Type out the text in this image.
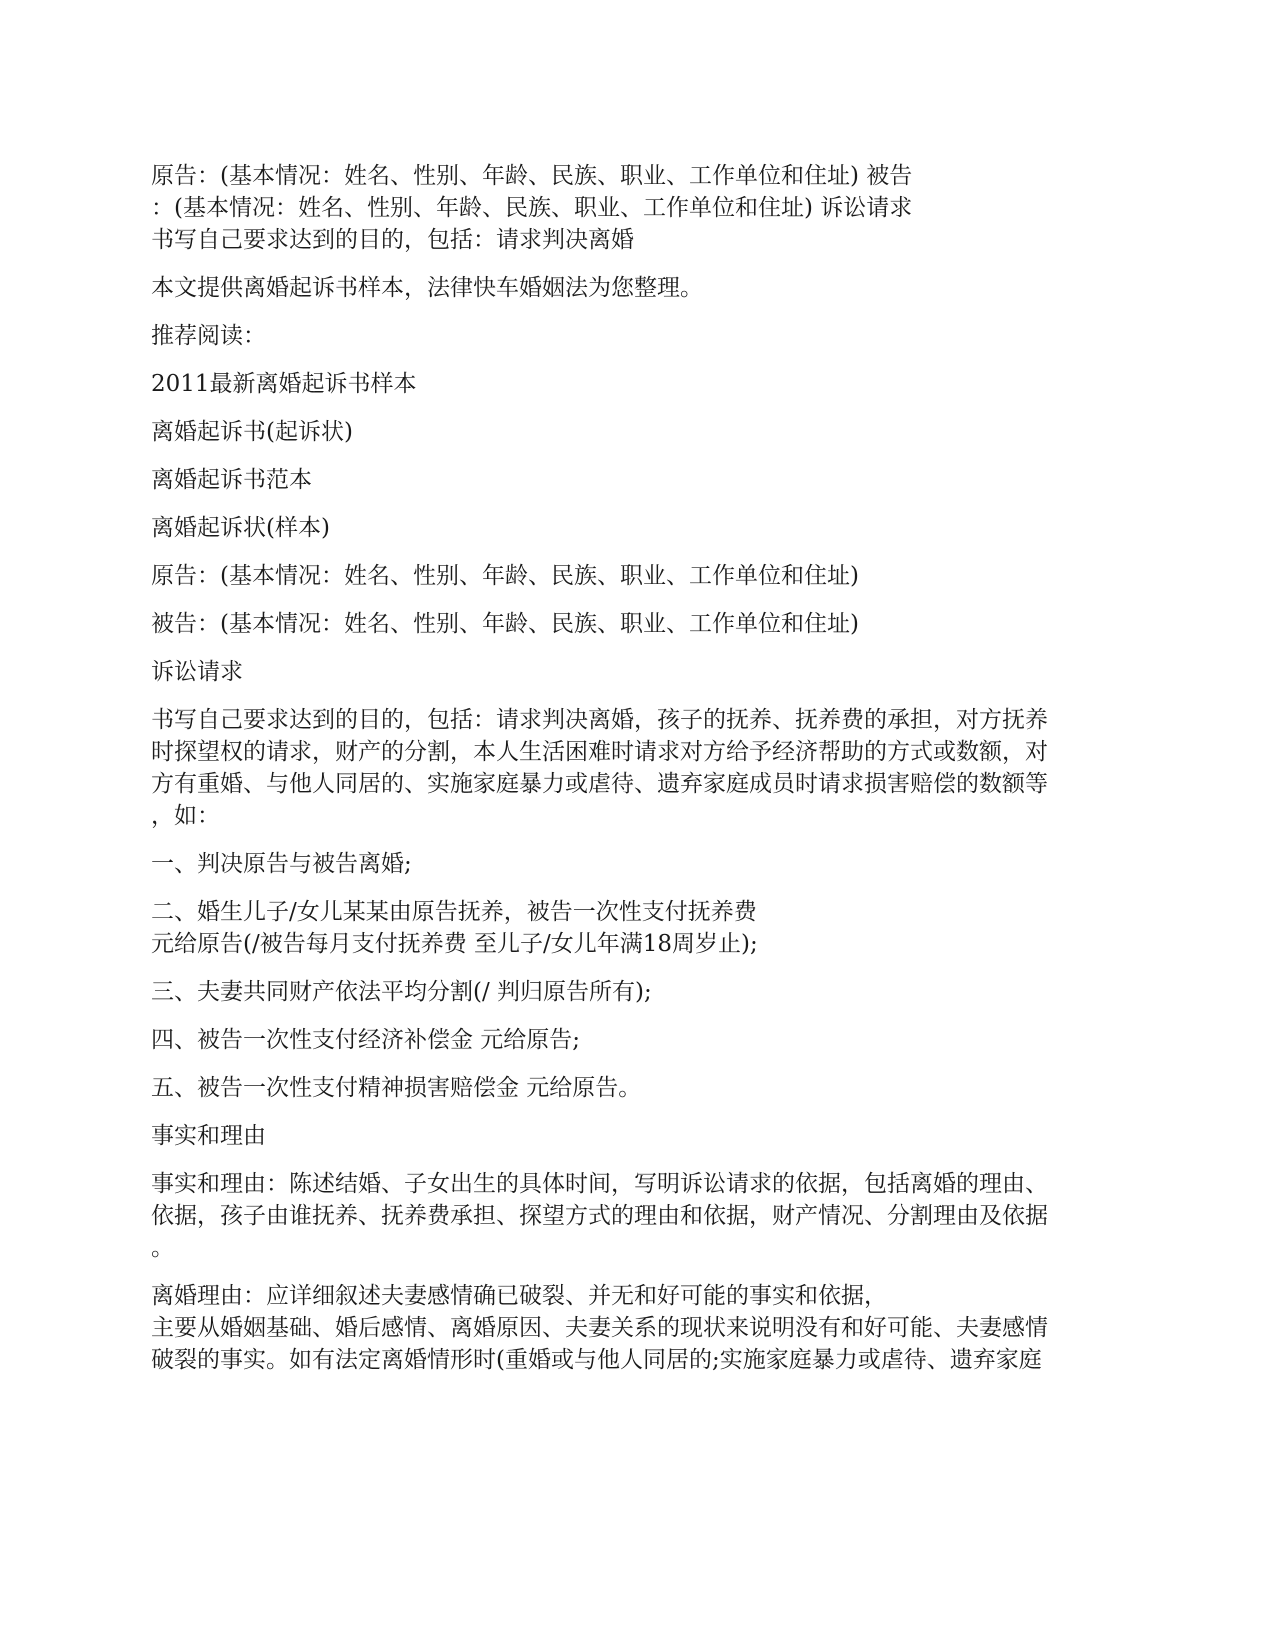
原告：(基本情况：姓名、性别、年龄、民族、职业、工作单位和住址) 被告
：(基本情况：姓名、性别、年龄、民族、职业、工作单位和住址) 诉讼请求
书写自己要求达到的目的，包括：请求判决离婚
本文提供离婚起诉书样本，法律快车婚姻法为您整理。
推荐阅读：
2011最新离婚起诉书样本
离婚起诉书(起诉状)
离婚起诉书范本
离婚起诉状(样本)
原告：(基本情况：姓名、性别、年龄、民族、职业、工作单位和住址)
被告：(基本情况：姓名、性别、年龄、民族、职业、工作单位和住址)
诉讼请求
书写自己要求达到的目的，包括：请求判决离婚，孩子的抚养、抚养费的承担，对方抚养
时探望权的请求，财产的分割，本人生活困难时请求对方给予经济帮助的方式或数额，对
方有重婚、与他人同居的、实施家庭暴力或虐待、遗弃家庭成员时请求损害赔偿的数额等
，如：
一、判决原告与被告离婚;
二、婚生儿子/女儿某某由原告抚养，被告一次性支付抚养费
元给原告(/被告每月支付抚养费 至儿子/女儿年满18周岁止);
三、夫妻共同财产依法平均分割(/ 判归原告所有);
四、被告一次性支付经济补偿金 元给原告;
五、被告一次性支付精神损害赔偿金 元给原告。
事实和理由
事实和理由：陈述结婚、子女出生的具体时间，写明诉讼请求的依据，包括离婚的理由、
依据，孩子由谁抚养、抚养费承担、探望方式的理由和依据，财产情况、分割理由及依据
。
离婚理由：应详细叙述夫妻感情确已破裂、并无和好可能的事实和依据，
主要从婚姻基础、婚后感情、离婚原因、夫妻关系的现状来说明没有和好可能、夫妻感情
破裂的事实。如有法定离婚情形时(重婚或与他人同居的;实施家庭暴力或虐待、遗弃家庭
